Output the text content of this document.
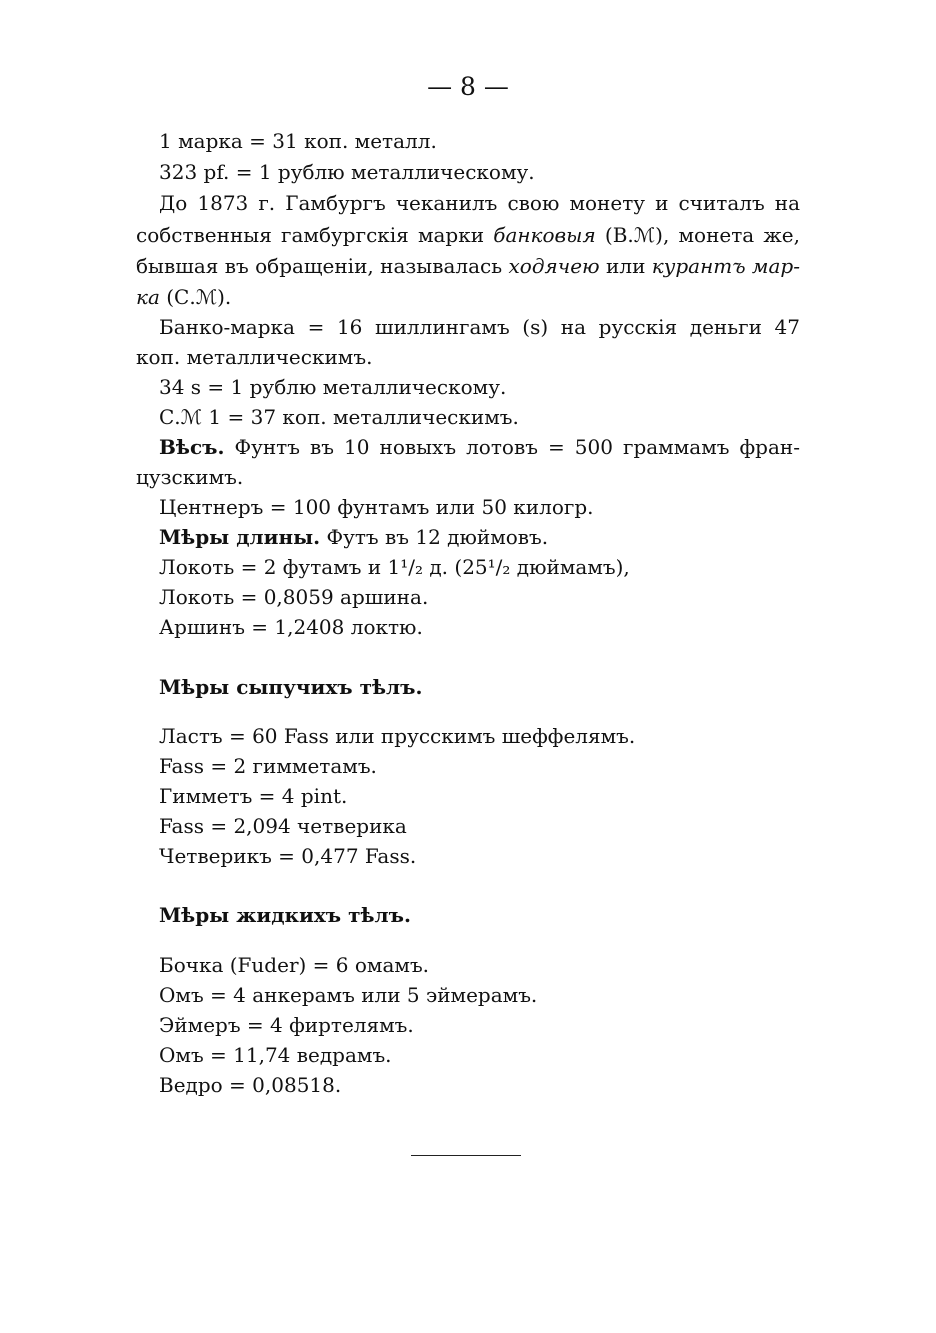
— 8 —
1 марка = 31 коп. металл.
323 pf. = 1 рублю металлическому.
До 1873 г. Гамбургъ чеканилъ свою монету и считалъ на
собственныя гамбургскія марки банковыя (В.ℳ), монета же,
бывшая въ обращеніи, называлась ходячею или курантъ мар-
ка (С.ℳ).
Банко-марка = 16 шиллингамъ (s) на русскія деньги 47
коп. металлическимъ.
34 s = 1 рублю металлическому.
С.ℳ 1 = 37 коп. металлическимъ.
Вѣсъ. Фунтъ въ 10 новыхъ лотовъ = 500 граммамъ фран-
цузскимъ.
Центнеръ = 100 фунтамъ или 50 килогр.
Мѣры длины. Футъ въ 12 дюймовъ.
Локоть = 2 футамъ и 1¹/₂ д. (25¹/₂ дюймамъ),
Локоть = 0,8059 аршина.
Аршинъ = 1,2408 локтю.
Мѣры сыпучихъ тѣлъ.
Ластъ = 60 Fass или прусскимъ шеффелямъ.
Fass = 2 гимметамъ.
Гимметъ = 4 pint.
Fass = 2,094 четверика
Четверикъ = 0,477 Fass.
Мѣры жидкихъ тѣлъ.
Бочка (Fuder) = 6 омамъ.
Омъ = 4 анкерамъ или 5 эймерамъ.
Эймеръ = 4 фиртелямъ.
Омъ = 11,74 ведрамъ.
Ведро = 0,08518.
